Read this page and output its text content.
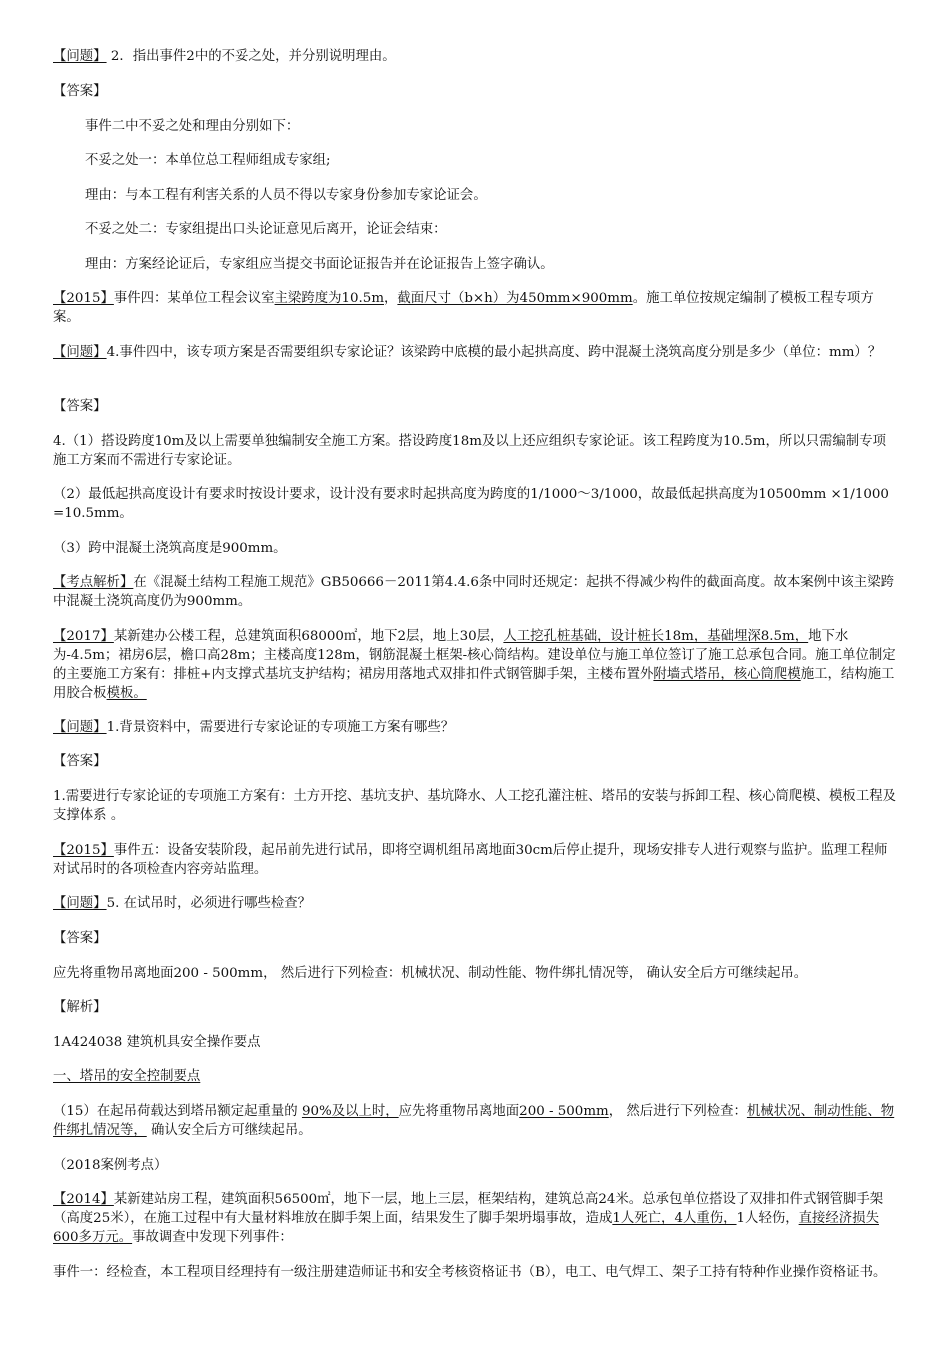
【问题】 2．指出事件2中的不妥之处，并分别说明理由。

【答案】

事件二中不妥之处和理由分别如下：

不妥之处一：本单位总工程师组成专家组;

理由：与本工程有利害关系的人员不得以专家身份参加专家论证会。

不妥之处二：专家组提出口头论证意见后离开，论证会结束：

理由：方案经论证后，专家组应当提交书面论证报告并在论证报告上签字确认。

【2015】事件四：某单位工程会议室主梁跨度为10.5m，截面尺寸（b×h）为450mm×900mm。施工单位按规定编制了模板工程专项方案。

【问题】4.事件四中，该专项方案是否需要组织专家论证？该梁跨中底模的最小起拱高度、跨中混凝土浇筑高度分别是多少（单位：mm）？

【答案】

4.（1）搭设跨度10m及以上需要单独编制安全施工方案。搭设跨度18m及以上还应组织专家论证。该工程跨度为10.5m，所以只需编制专项施工方案而不需进行专家论证。

（2）最低起拱高度设计有要求时按设计要求，设计没有要求时起拱高度为跨度的1/1000～3/1000，故最低起拱高度为10500mm ×1/1000 =10.5mm。

（3）跨中混凝土浇筑高度是900mm。

【考点解析】在《混凝土结构工程施工规范》GB50666－2011第4.4.6条中同时还规定：起拱不得减少构件的截面高度。故本案例中该主梁跨中混凝土浇筑高度仍为900mm。

【2017】某新建办公楼工程，总建筑面积68000㎡，地下2层，地上30层，人工挖孔桩基础，设计桩长18m，基础埋深8.5m，地下水为-4.5m；裙房6层，檐口高28m；主楼高度128m，钢筋混凝土框架-核心筒结构。建设单位与施工单位签订了施工总承包合同。施工单位制定的主要施工方案有：排桩+内支撑式基坑支护结构；裙房用落地式双排扣件式钢管脚手架，主楼布置外附墙式塔吊，核心筒爬模施工，结构施工用胶合板模板。

【问题】1.背景资料中，需要进行专家论证的专项施工方案有哪些？

【答案】

1.需要进行专家论证的专项施工方案有：土方开挖、基坑支护、基坑降水、人工挖孔灌注桩、塔吊的安装与拆卸工程、核心筒爬模、模板工程及支撑体系 。

【2015】事件五：设备安装阶段，起吊前先进行试吊，即将空调机组吊离地面30cm后停止提升，现场安排专人进行观察与监护。监理工程师对试吊时的各项检查内容旁站监理。

【问题】5. 在试吊时，必须进行哪些检查？

【答案】

应先将重物吊离地面200 - 500mm， 然后进行下列检查：机械状况、制动性能、物件绑扎情况等， 确认安全后方可继续起吊。

【解析】

1A424038 建筑机具安全操作要点

一、塔吊的安全控制要点

（15）在起吊荷载达到塔吊额定起重量的 90%及以上时，应先将重物吊离地面200 - 500mm， 然后进行下列检查：机械状况、制动性能、物件绑扎情况等， 确认安全后方可继续起吊。

（2018案例考点）

【2014】某新建站房工程，建筑面积56500㎡，地下一层，地上三层，框架结构，建筑总高24米。总承包单位搭设了双排扣件式钢管脚手架（高度25米），在施工过程中有大量材料堆放在脚手架上面，结果发生了脚手架坍塌事故，造成1人死亡，4人重伤，1人轻伤，直接经济损失600多万元。事故调查中发现下列事件：

事件一：经检查，本工程项目经理持有一级注册建造师证书和安全考核资格证书（B），电工、电气焊工、架子工持有特种作业操作资格证书。
